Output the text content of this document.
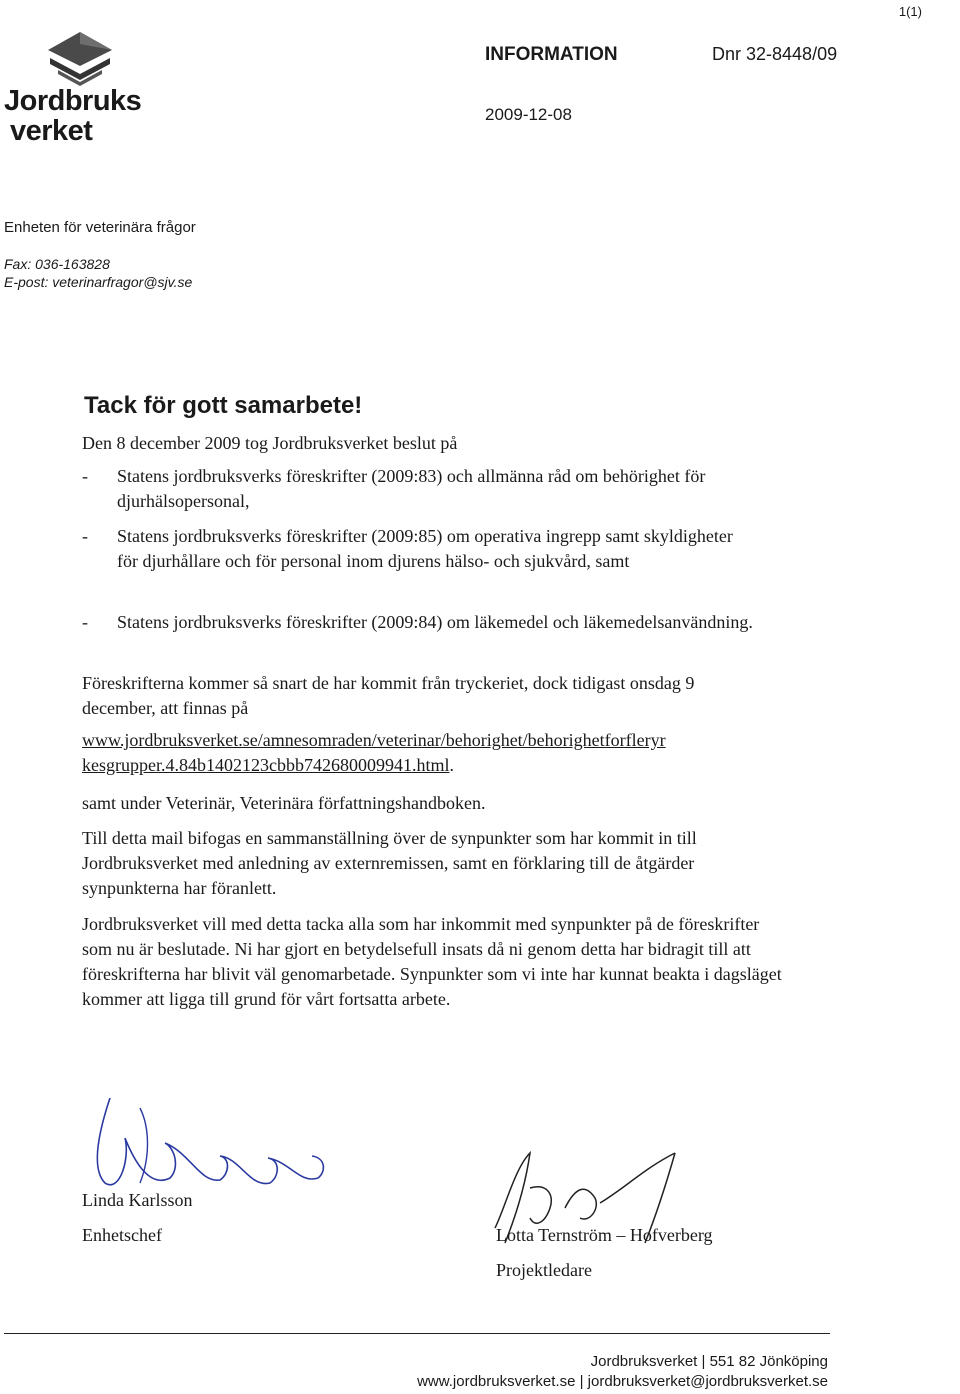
1(1)
Jordbruks
verket
INFORMATION	Dnr 32-8448/09
2009-12-08
Enheten för veterinära frågor
Fax: 036-163828
E-post: veterinarfragor@sjv.se
Tack för gott samarbete!
Den 8 december 2009 tog Jordbruksverket beslut på
- Statens jordbruksverks föreskrifter (2009:83) och allmänna råd om behörighet för djurhälsopersonal,
- Statens jordbruksverks föreskrifter (2009:85) om operativa ingrepp samt skyldigheter för djurhållare och för personal inom djurens hälso- och sjukvård, samt
- Statens jordbruksverks föreskrifter (2009:84) om läkemedel och läkemedelsanvändning.
Föreskrifterna kommer så snart de har kommit från tryckeriet, dock tidigast onsdag 9 december, att finnas på
www.jordbruksverket.se/amnesomraden/veterinar/behorighet/behorighetforfleryr
kesgrupper.4.84b1402123cbbb742680009941.html.
samt under Veterinär, Veterinära författningshandboken.
Till detta mail bifogas en sammanställning över de synpunkter som har kommit in till Jordbruksverket med anledning av externremissen, samt en förklaring till de åtgärder synpunkterna har föranlett.
Jordbruksverket vill med detta tacka alla som har inkommit med synpunkter på de föreskrifter som nu är beslutade. Ni har gjort en betydelsefull insats då ni genom detta har bidragit till att föreskrifterna har blivit väl genomarbetade. Synpunkter som vi inte har kunnat beakta i dagsläget kommer att ligga till grund för vårt fortsatta arbete.
Linda Karlsson
Enhetschef	Lotta Ternström – Hofverberg
Projektledare
Jordbruksverket | 551 82 Jönköping
www.jordbruksverket.se | jordbruksverket@jordbruksverket.se
